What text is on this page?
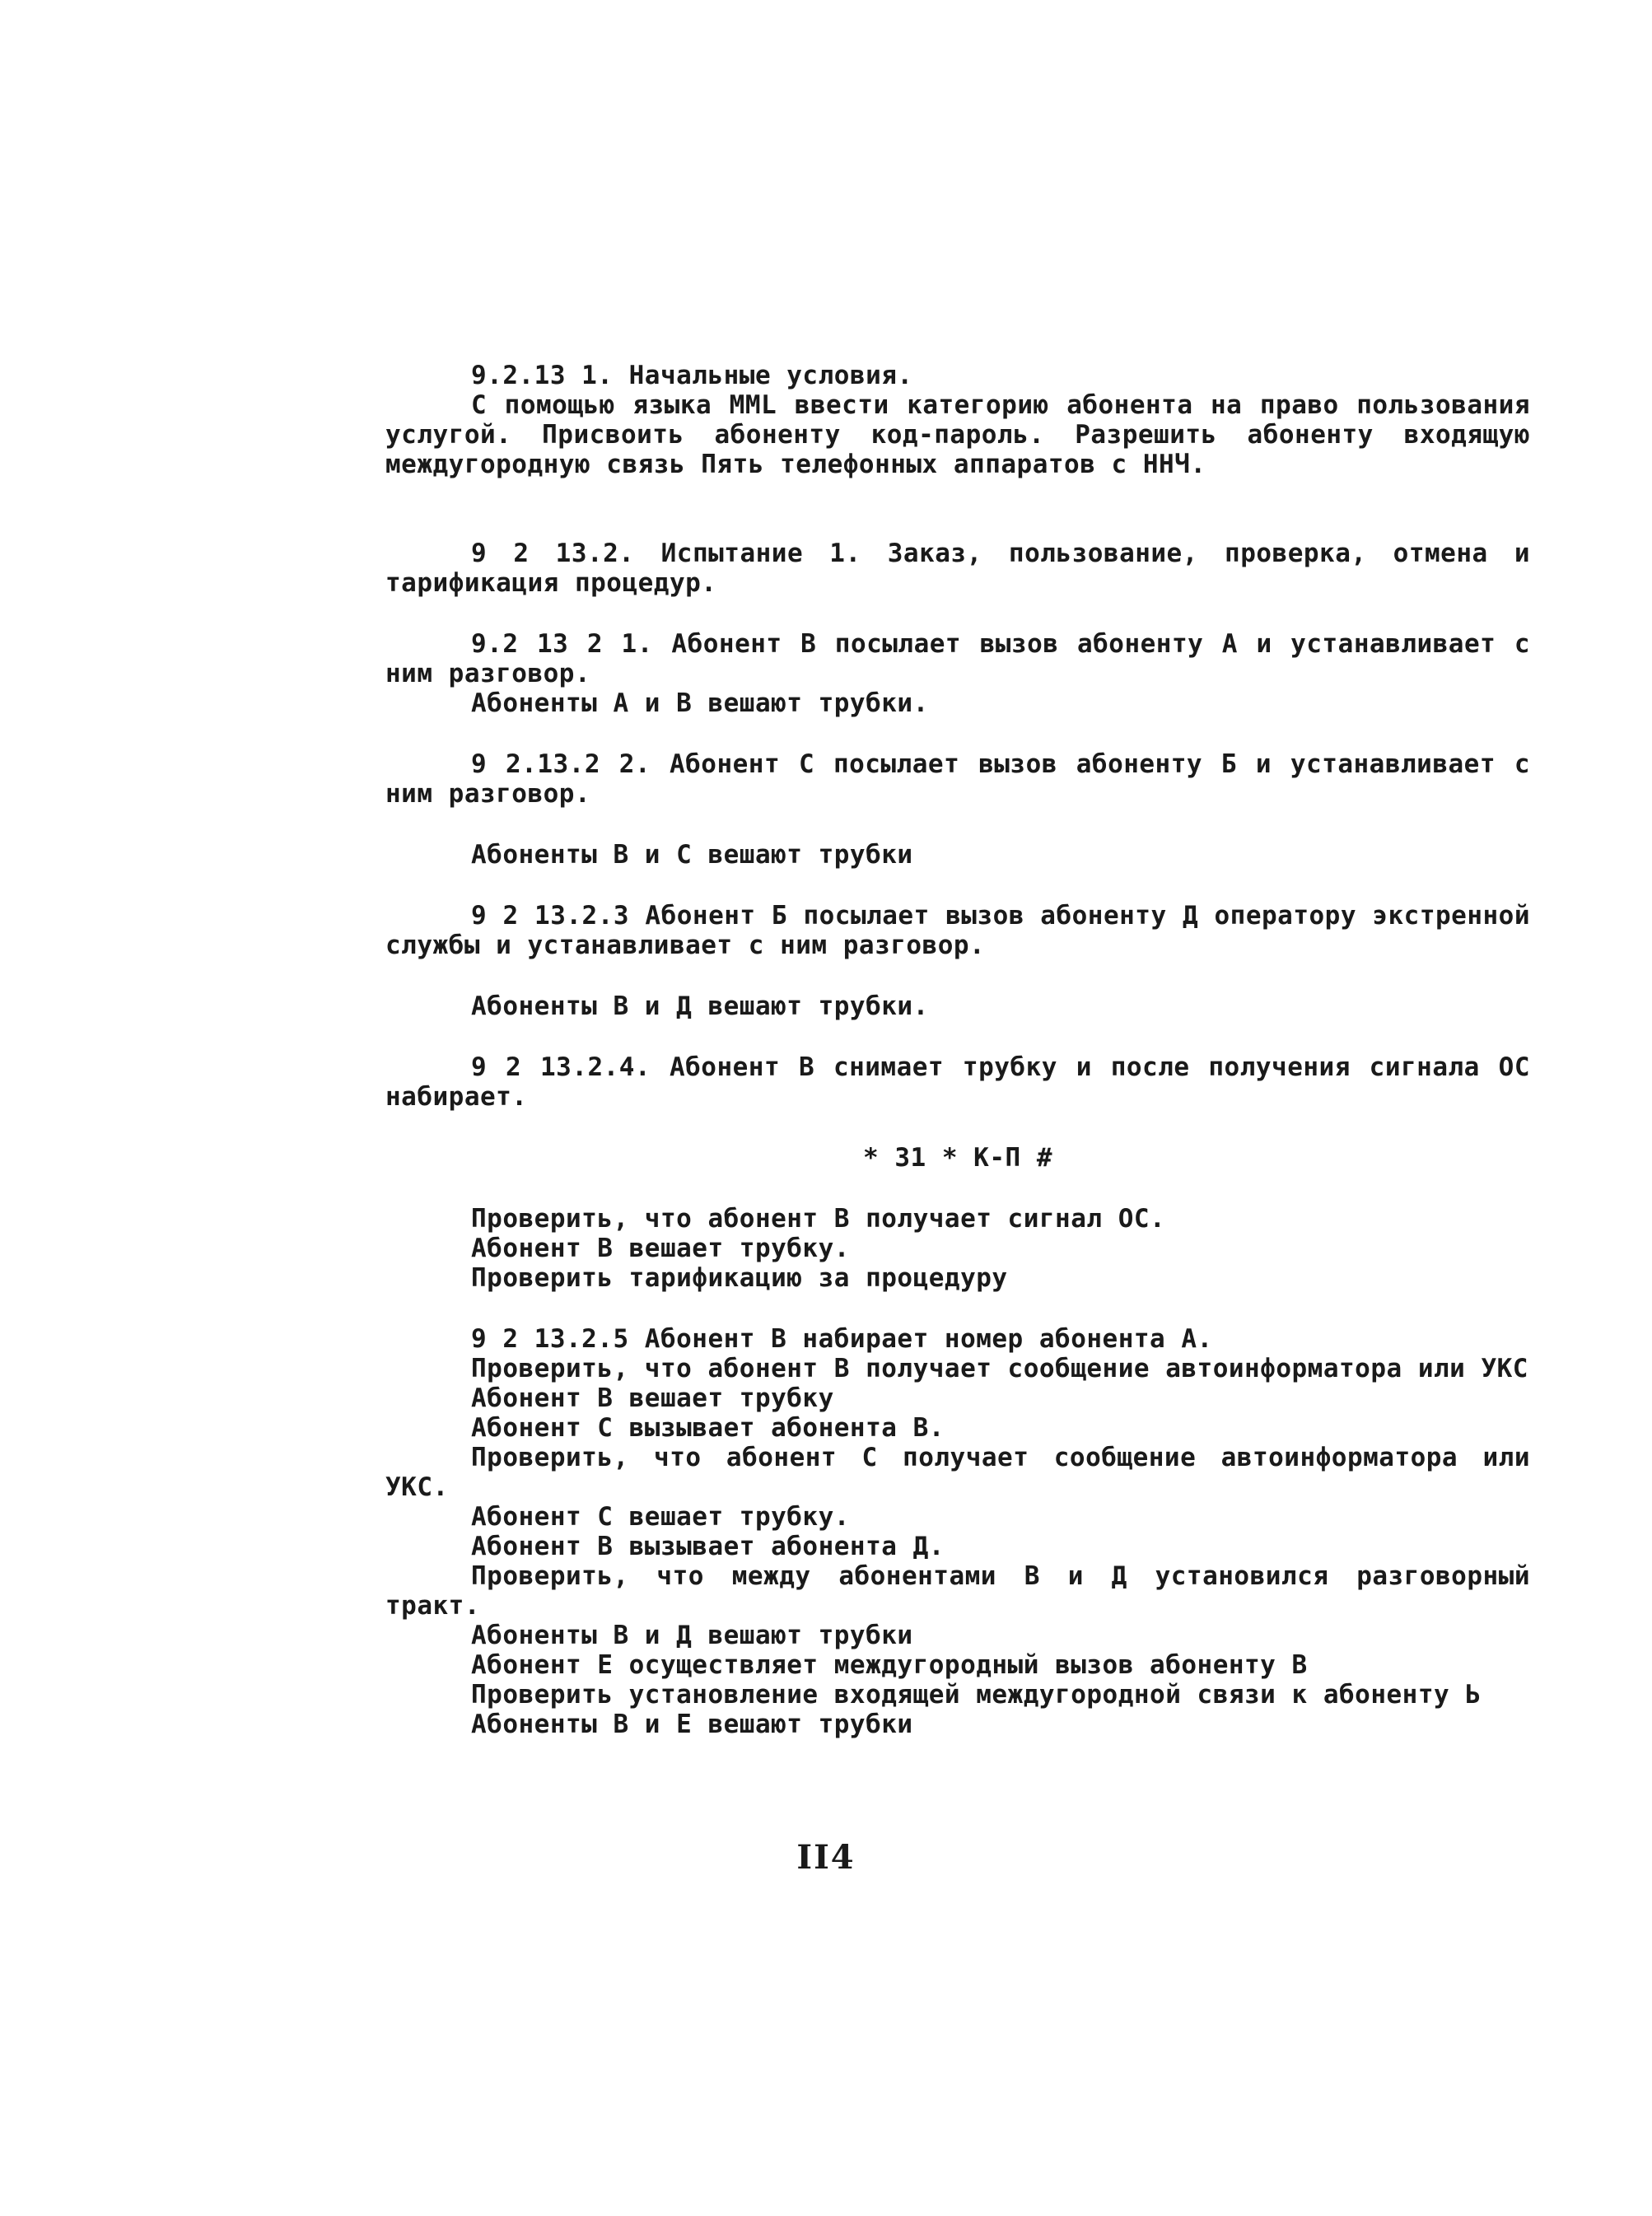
9.2.13 1. Начальные условия.

С помощью языка MML ввести категорию абонента на право пользования услугой. Присвоить абоненту код-пароль. Разрешить абоненту входящую междугородную связь Пять телефонных аппаратов с ННЧ.

9 2 13.2. Испытание 1. Заказ, пользование, проверка, отмена и тарификация процедур.

9.2 13 2 1. Абонент В посылает вызов абоненту А и устанавливает с ним разговор.

Абоненты А и В вешают трубки.

9 2.13.2 2. Абонент С посылает вызов абоненту Б и устанавливает с ним разговор.

Абоненты В и С вешают трубки

9 2 13.2.3 Абонент Б посылает вызов абоненту Д оператору экстренной службы и устанавливает с ним разговор.

Абоненты В и Д вешают трубки.

9 2 13.2.4. Абонент В снимает трубку и после получения сигнала ОС набирает.

* 31 * К-П #

Проверить, что абонент В получает сигнал ОС.

Абонент В вешает трубку.

Проверить тарификацию за процедуру

9 2 13.2.5 Абонент В набирает номер абонента А.

Проверить, что абонент В получает сообщение автоинформатора или УКС

Абонент В вешает трубку

Абонент С вызывает абонента В.

Проверить, что абонент С получает сообщение автоинформатора или УКС.

Абонент С вешает трубку.

Абонент В вызывает абонента Д.

Проверить, что между абонентами В и Д установился разговорный тракт.

Абоненты В и Д вешают трубки

Абонент Е осуществляет междугородный вызов абоненту В

Проверить установление входящей междугородной связи к абоненту Ь

Абоненты В и Е вешают трубки

II4
